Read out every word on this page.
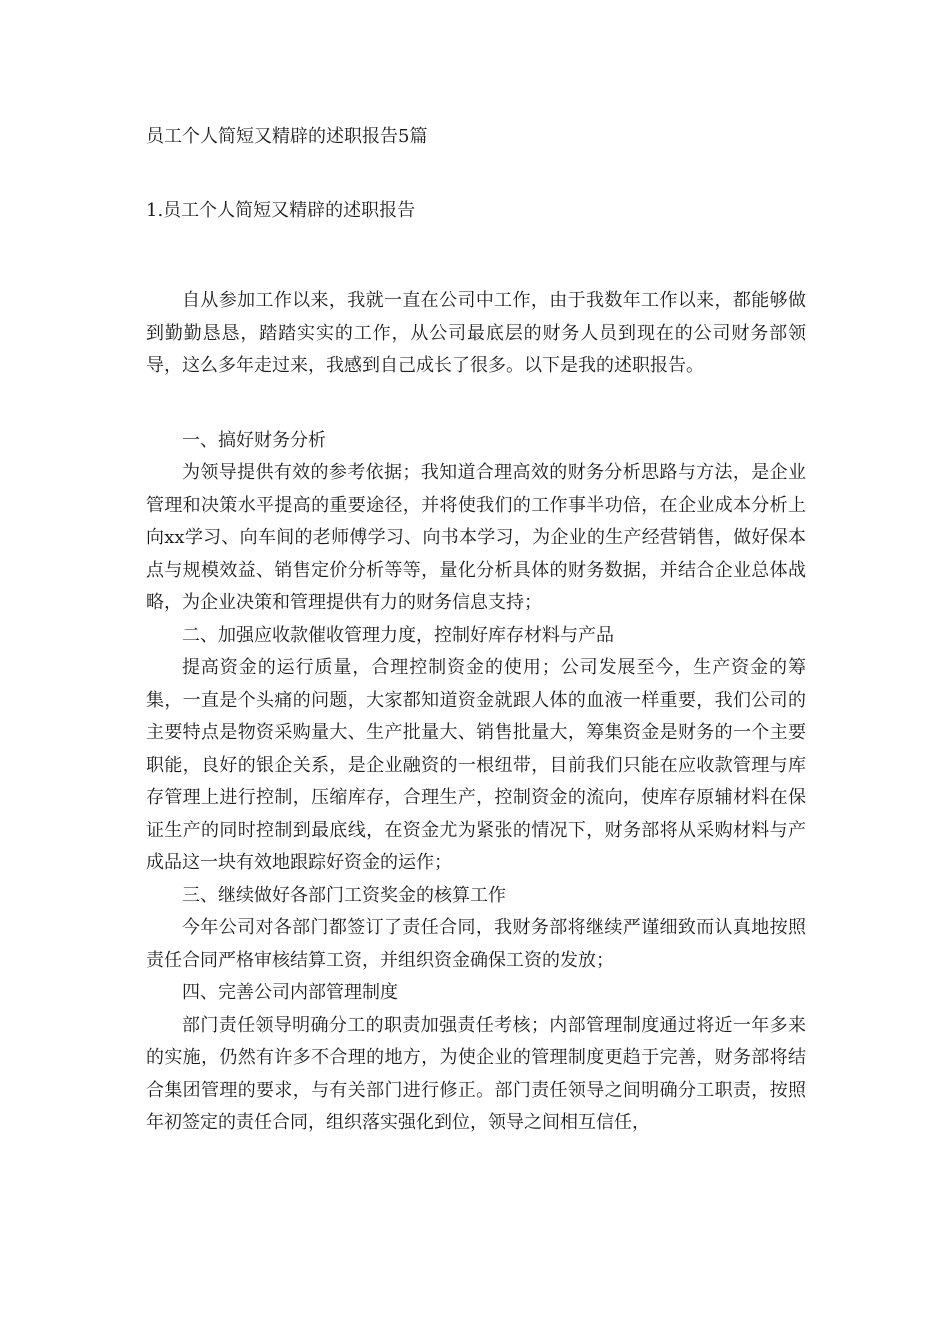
员工个人简短又精辟的述职报告5篇
1.员工个人简短又精辟的述职报告

自从参加工作以来，我就一直在公司中工作，由于我数年工作以来，都能够做到勤勤恳恳，踏踏实实的工作，从公司最底层的财务人员到现在的公司财务部领导，这么多年走过来，我感到自己成长了很多。以下是我的述职报告。

一、搞好财务分析

为领导提供有效的参考依据；我知道合理高效的财务分析思路与方法，是企业管理和决策水平提高的重要途径，并将使我们的工作事半功倍，在企业成本分析上向xx学习、向车间的老师傅学习、向书本学习，为企业的生产经营销售，做好保本点与规模效益、销售定价分析等等，量化分析具体的财务数据，并结合企业总体战略，为企业决策和管理提供有力的财务信息支持；

二、加强应收款催收管理力度，控制好库存材料与产品

提高资金的运行质量，合理控制资金的使用；公司发展至今，生产资金的筹集，一直是个头痛的问题，大家都知道资金就跟人体的血液一样重要，我们公司的主要特点是物资采购量大、生产批量大、销售批量大，筹集资金是财务的一个主要职能，良好的银企关系，是企业融资的一根纽带，目前我们只能在应收款管理与库存管理上进行控制，压缩库存，合理生产，控制资金的流向，使库存原辅材料在保证生产的同时控制到最底线，在资金尤为紧张的情况下，财务部将从采购材料与产成品这一块有效地跟踪好资金的运作；

三、继续做好各部门工资奖金的核算工作

今年公司对各部门都签订了责任合同，我财务部将继续严谨细致而认真地按照责任合同严格审核结算工资，并组织资金确保工资的发放；

四、完善公司内部管理制度

部门责任领导明确分工的职责加强责任考核；内部管理制度通过将近一年多来的实施，仍然有许多不合理的地方，为使企业的管理制度更趋于完善，财务部将结合集团管理的要求，与有关部门进行修正。部门责任领导之间明确分工职责，按照年初签定的责任合同，组织落实强化到位，领导之间相互信任，
